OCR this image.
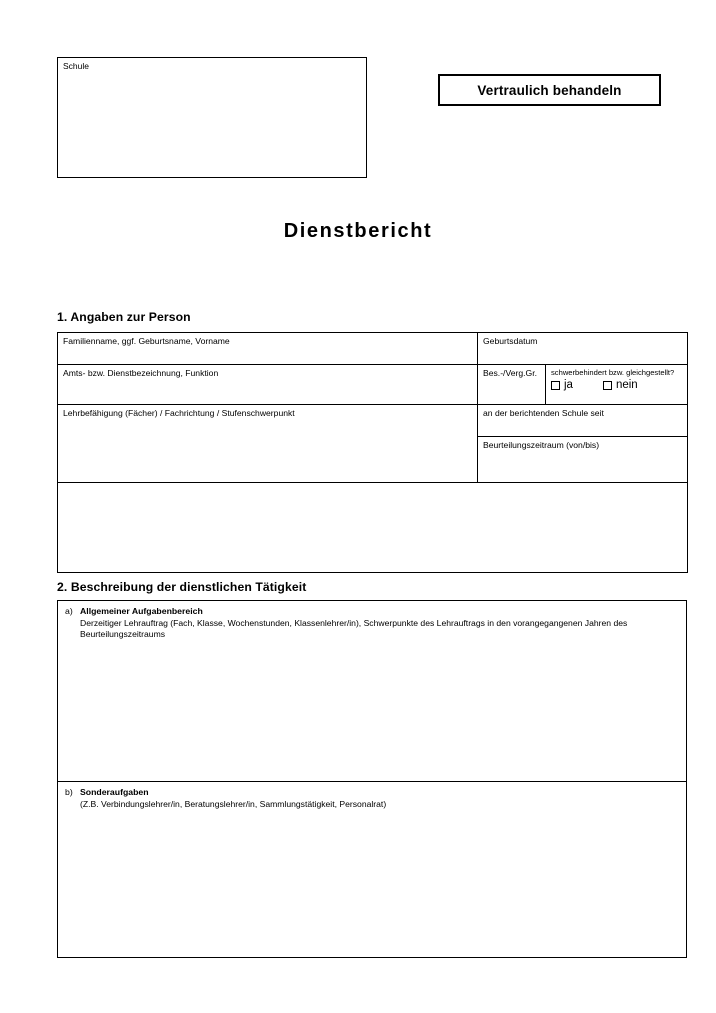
Schule
Vertraulich behandeln
Dienstbericht
1. Angaben zur Person
Familienname, ggf. Geburtsname, Vorname	Geburtsdatum	
Amts- bzw. Dienstbezeichnung, Funktion	Bes.-/Verg.Gr.	schwerbehindert bzw. gleichgestellt?
ja nein

Lehrbefähigung (Fächer) / Fachrichtung / Stufenschwerpunkt	an der berichtenden Schule seit	
	Beurteilungszeitraum (von/bis)	

2. Beschreibung der dienstlichen Tätigkeit
a) Allgemeiner Aufgabenbereich
Derzeitiger Lehrauftrag (Fach, Klasse, Wochenstunden, Klassenlehrer/in), Schwerpunkte des Lehrauftrags in den vorangegangenen Jahren des Beurteilungszeitraums
b) Sonderaufgaben
(Z.B. Verbindungslehrer/in, Beratungslehrer/in, Sammlungstätigkeit, Personalrat)
